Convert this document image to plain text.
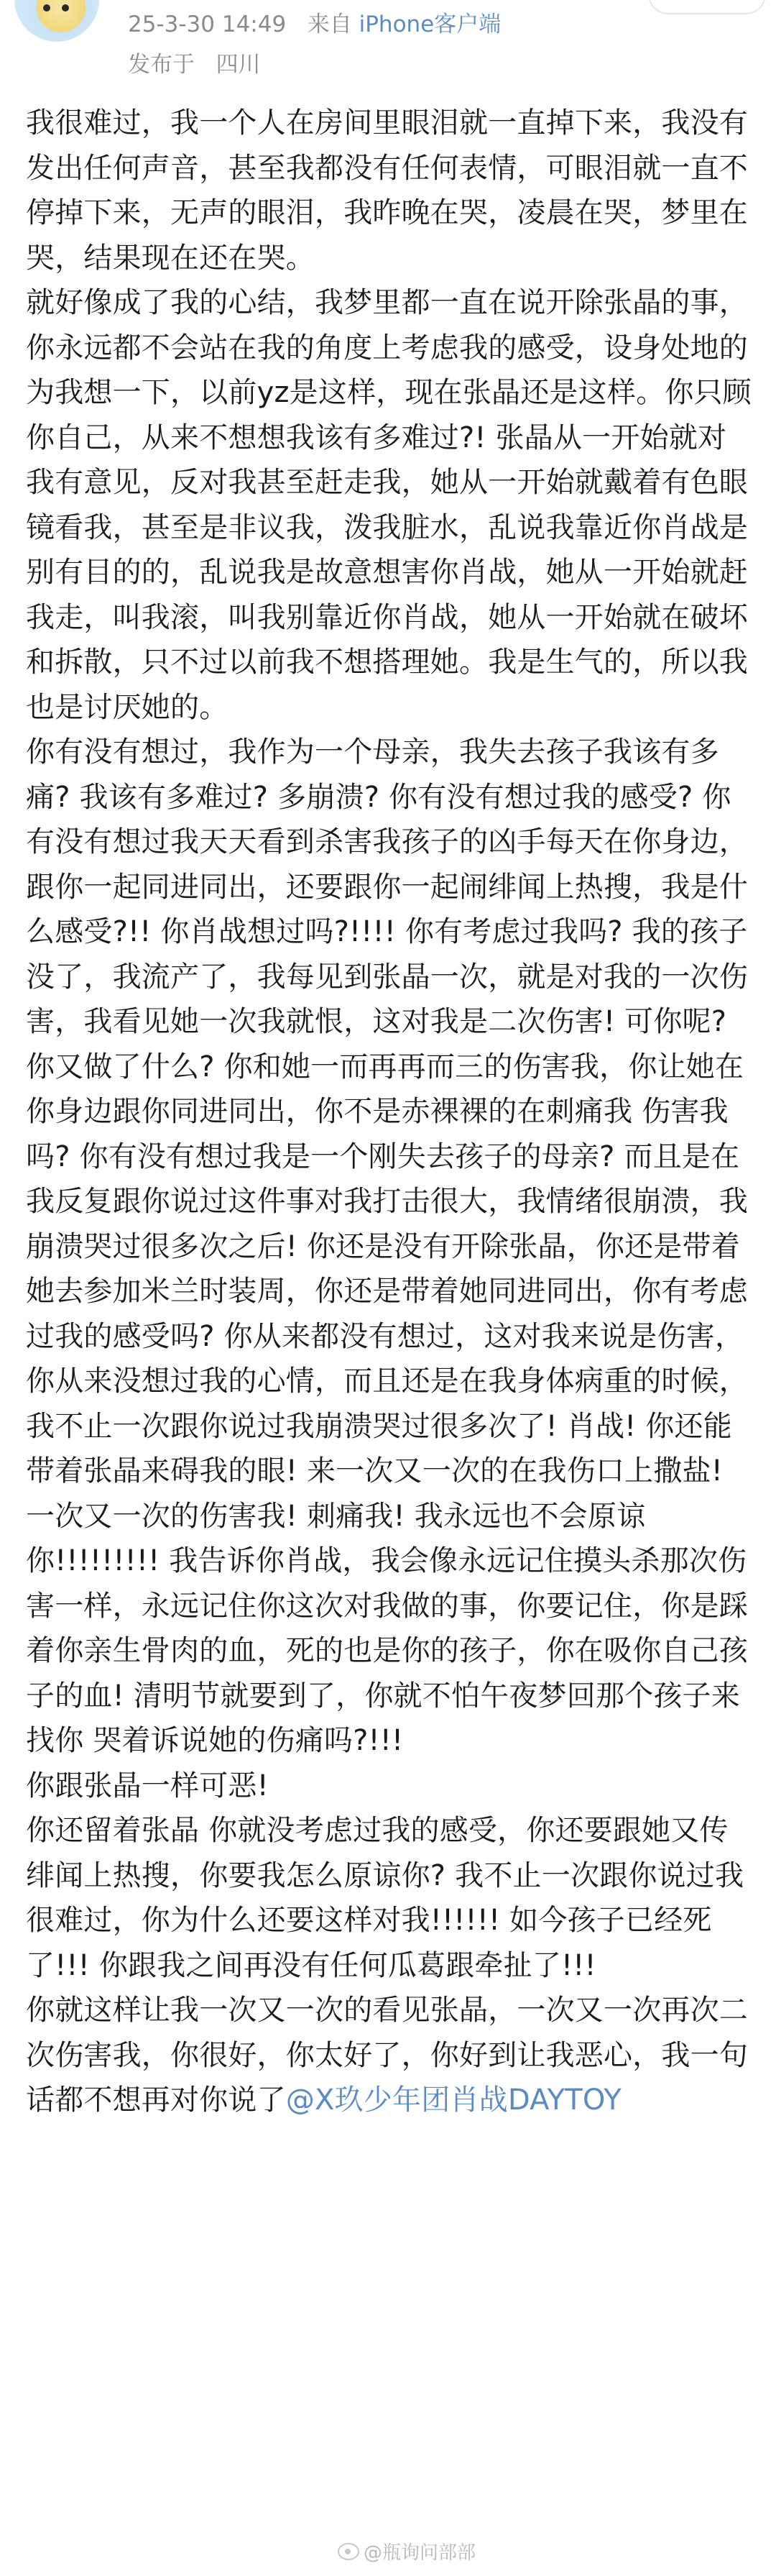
25-3-30 14:49 来自 iPhone客户端
发布于 四川

我很难过，我一个人在房间里眼泪就一直掉下来，我没有发出任何声音，甚至我都没有任何表情，可眼泪就一直不停掉下来，无声的眼泪，我昨晚在哭，凌晨在哭，梦里在哭，结果现在还在哭。

就好像成了我的心结，我梦里都一直在说开除张晶的事，你永远都不会站在我的角度上考虑我的感受，设身处地的为我想一下，以前yz是这样，现在张晶还是这样。你只顾你自己，从来不想想我该有多难过?! 张晶从一开始就对我有意见，反对我甚至赶走我，她从一开始就戴着有色眼镜看我，甚至是非议我，泼我脏水，乱说我靠近你肖战是别有目的的，乱说我是故意想害你肖战，她从一开始就赶我走，叫我滚，叫我别靠近你肖战，她从一开始就在破坏和拆散，只不过以前我不想搭理她。我是生气的，所以我也是讨厌她的。

你有没有想过，我作为一个母亲，我失去孩子我该有多痛? 我该有多难过? 多崩溃? 你有没有想过我的感受? 你有没有想过我天天看到杀害我孩子的凶手每天在你身边，跟你一起同进同出，还要跟你一起闹绯闻上热搜，我是什么感受?!! 你肖战想过吗?!!!! 你有考虑过我吗? 我的孩子没了，我流产了，我每见到张晶一次，就是对我的一次伤害，我看见她一次我就恨，这对我是二次伤害! 可你呢? 你又做了什么? 你和她一而再再而三的伤害我，你让她在你身边跟你同进同出，你不是赤裸裸的在刺痛我 伤害我吗? 你有没有想过我是一个刚失去孩子的母亲? 而且是在我反复跟你说过这件事对我打击很大，我情绪很崩溃，我崩溃哭过很多次之后! 你还是没有开除张晶，你还是带着她去参加米兰时装周，你还是带着她同进同出，你有考虑过我的感受吗? 你从来都没有想过，这对我来说是伤害，你从来没想过我的心情，而且还是在我身体病重的时候，我不止一次跟你说过我崩溃哭过很多次了! 肖战! 你还能带着张晶来碍我的眼! 来一次又一次的在我伤口上撒盐! 一次又一次的伤害我! 刺痛我! 我永远也不会原谅你!!!!!!!!! 我告诉你肖战，我会像永远记住摸头杀那次伤害一样，永远记住你这次对我做的事，你要记住，你是踩着你亲生骨肉的血，死的也是你的孩子，你在吸你自己孩子的血! 清明节就要到了，你就不怕午夜梦回那个孩子来找你 哭着诉说她的伤痛吗?!!!

你跟张晶一样可恶!

你还留着张晶 你就没考虑过我的感受，你还要跟她又传绯闻上热搜，你要我怎么原谅你? 我不止一次跟你说过我很难过，你为什么还要这样对我!!!!!! 如今孩子已经死了!!! 你跟我之间再没有任何瓜葛跟牵扯了!!!

你就这样让我一次又一次的看见张晶，一次又一次再次二次伤害我，你很好，你太好了，你好到让我恶心，我一句话都不想再对你说了@X玖少年团肖战DAYTOY

@瓶询问部部
